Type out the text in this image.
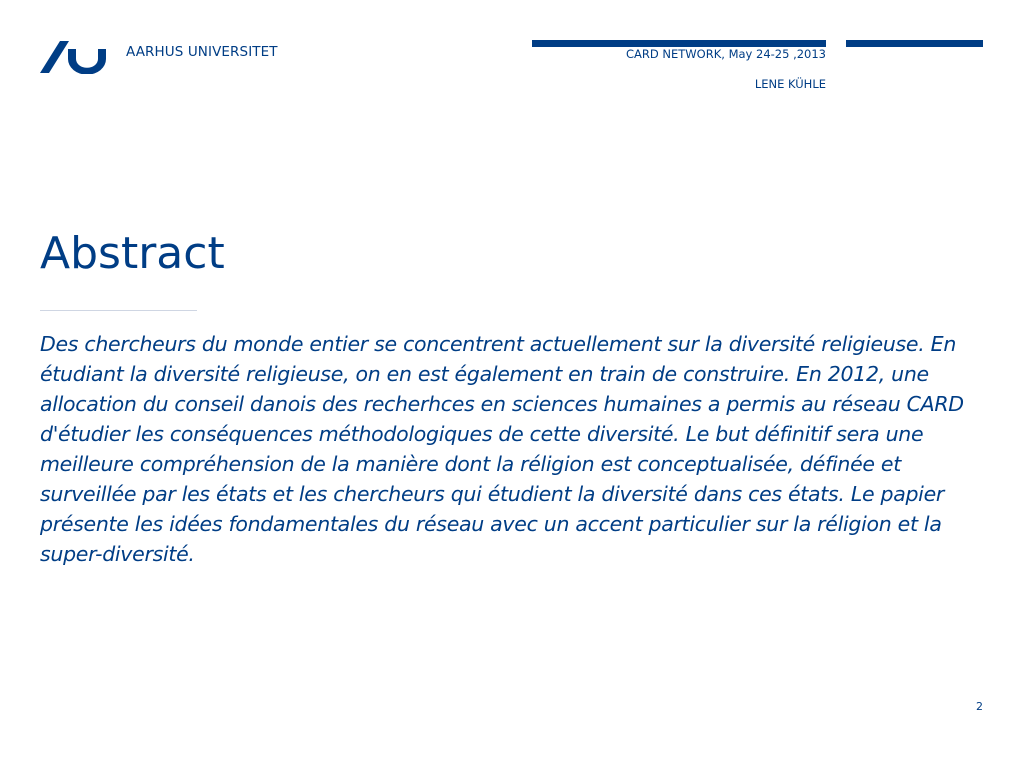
AARHUS UNIVERSITET	CARD NETWORK, May 24-25 ,2013
LENE KÜHLE
Abstract

Des chercheurs du monde entier se concentrent actuellement sur la diversité religieuse. En étudiant la diversité religieuse, on en est également en train de construire. En 2012, une allocation du conseil danois des recherhces en sciences humaines a permis au réseau CARD d'étudier les conséquences méthodologiques de cette diversité. Le but définitif sera une meilleure compréhension de la manière dont la réligion est conceptualisée, définée et surveillée par les états et les chercheurs qui étudient la diversité dans ces états. Le papier présente les idées fondamentales du réseau avec un accent particulier sur la réligion et la super-diversité.

2
